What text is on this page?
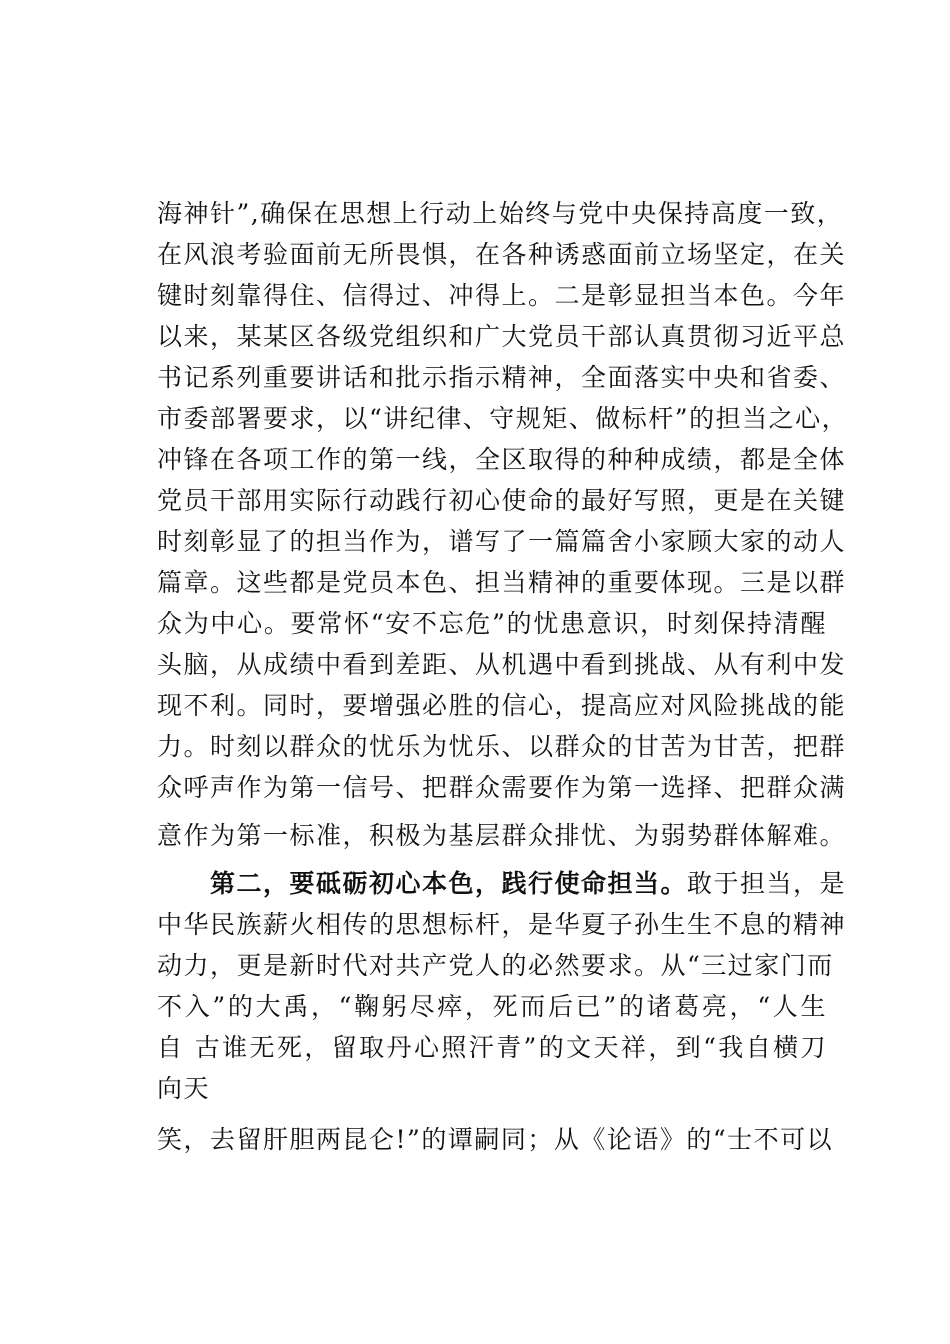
海神针”,确保在思想上行动上始终与党中央保持高度一致，
在风浪考验面前无所畏惧，在各种诱惑面前立场坚定，在关
键时刻靠得住、信得过、冲得上。二是彰显担当本色。今年
以来，某某区各级党组织和广大党员干部认真贯彻习近平总
书记系列重要讲话和批示指示精神，全面落实中央和省委、
市委部署要求，以“讲纪律、守规矩、做标杆”的担当之心，
冲锋在各项工作的第一线，全区取得的种种成绩，都是全体
党员干部用实际行动践行初心使命的最好写照，更是在关键
时刻彰显了的担当作为，谱写了一篇篇舍小家顾大家的动人
篇章。这些都是党员本色、担当精神的重要体现。三是以群
众为中心。要常怀“安不忘危”的忧患意识，时刻保持清醒
头脑，从成绩中看到差距、从机遇中看到挑战、从有利中发
现不利。同时，要增强必胜的信心，提高应对风险挑战的能
力。时刻以群众的忧乐为忧乐、以群众的甘苦为甘苦，把群
众呼声作为第一信号、把群众需要作为第一选择、把群众满
意作为第一标准，积极为基层群众排忧、为弱势群体解难。
第二，要砥砺初心本色，践行使命担当。敢于担当，是
中华民族薪火相传的思想标杆，是华夏子孙生生不息的精神
动力，更是新时代对共产党人的必然要求。从“三过家门而
不入”的大禹，“鞠躬尽瘁，死而后已”的诸葛亮，“人生
自 古谁无死，留取丹心照汗青”的文天祥，到“我自横刀
向天
笑，去留肝胆两昆仑!”的谭嗣同；从《论语》的“士不可以
